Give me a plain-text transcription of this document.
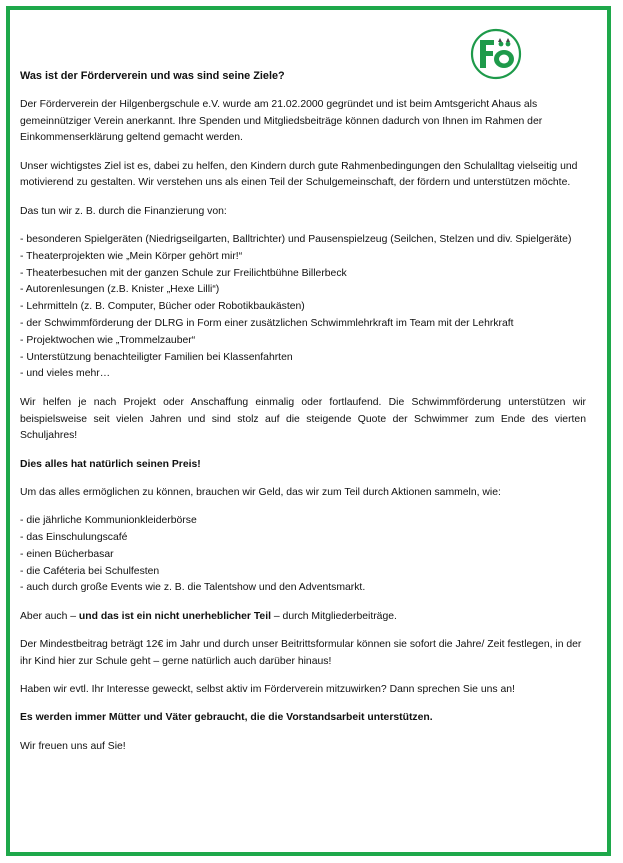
Was ist der Förderverein und was sind seine Ziele?

Der Förderverein der Hilgenbergschule e.V. wurde am 21.02.2000 gegründet und ist beim Amtsgericht Ahaus als gemeinnütziger Verein anerkannt. Ihre Spenden und Mitgliedsbeiträge können dadurch von Ihnen im Rahmen der Einkommenserklärung geltend gemacht werden.

Unser wichtigstes Ziel ist es, dabei zu helfen, den Kindern durch gute Rahmenbedingungen den Schulalltag vielseitig und motivierend zu gestalten. Wir verstehen uns als einen Teil der Schulgemeinschaft, der fördern und unterstützen möchte.

Das tun wir z. B. durch die Finanzierung von:

- besonderen Spielgeräten (Niedrigseilgarten, Balltrichter) und Pausenspielzeug (Seilchen, Stelzen und div. Spielgeräte)
- Theaterprojekten wie „Mein Körper gehört mir!“
- Theaterbesuchen mit der ganzen Schule zur Freilichtbühne Billerbeck
- Autorenlesungen (z.B. Knister „Hexe Lilli“)
- Lehrmitteln (z. B. Computer, Bücher oder Robotikbaukästen)
- der Schwimmförderung der DLRG in Form einer zusätzlichen Schwimmlehrkraft im Team mit der Lehrkraft
- Projektwochen wie „Trommelzauber“
- Unterstützung benachteiligter Familien bei Klassenfahrten
- und vieles mehr…

Wir helfen je nach Projekt oder Anschaffung einmalig oder fortlaufend. Die Schwimmförderung unterstützen wir beispielsweise seit vielen Jahren und sind stolz auf die steigende Quote der Schwimmer zum Ende des vierten Schuljahres!

Dies alles hat natürlich seinen Preis!

Um das alles ermöglichen zu können, brauchen wir Geld, das wir zum Teil durch Aktionen sammeln, wie:

- die jährliche Kommunionkleiderbörse
- das Einschulungscafé
- einen Bücherbasar
- die Caféteria bei Schulfesten
- auch durch große Events wie z. B. die Talentshow und den Adventsmarkt.

Aber auch – und das ist ein nicht unerheblicher Teil – durch Mitgliederbeiträge.

Der Mindestbeitrag beträgt 12€ im Jahr und durch unser Beitrittsformular können sie sofort die Jahre/ Zeit festlegen, in der ihr Kind hier zur Schule geht – gerne natürlich auch darüber hinaus!

Haben wir evtl. Ihr Interesse geweckt, selbst aktiv im Förderverein mitzuwirken? Dann sprechen Sie uns an!

Es werden immer Mütter und Väter gebraucht, die die Vorstandsarbeit unterstützen.

Wir freuen uns auf Sie!
